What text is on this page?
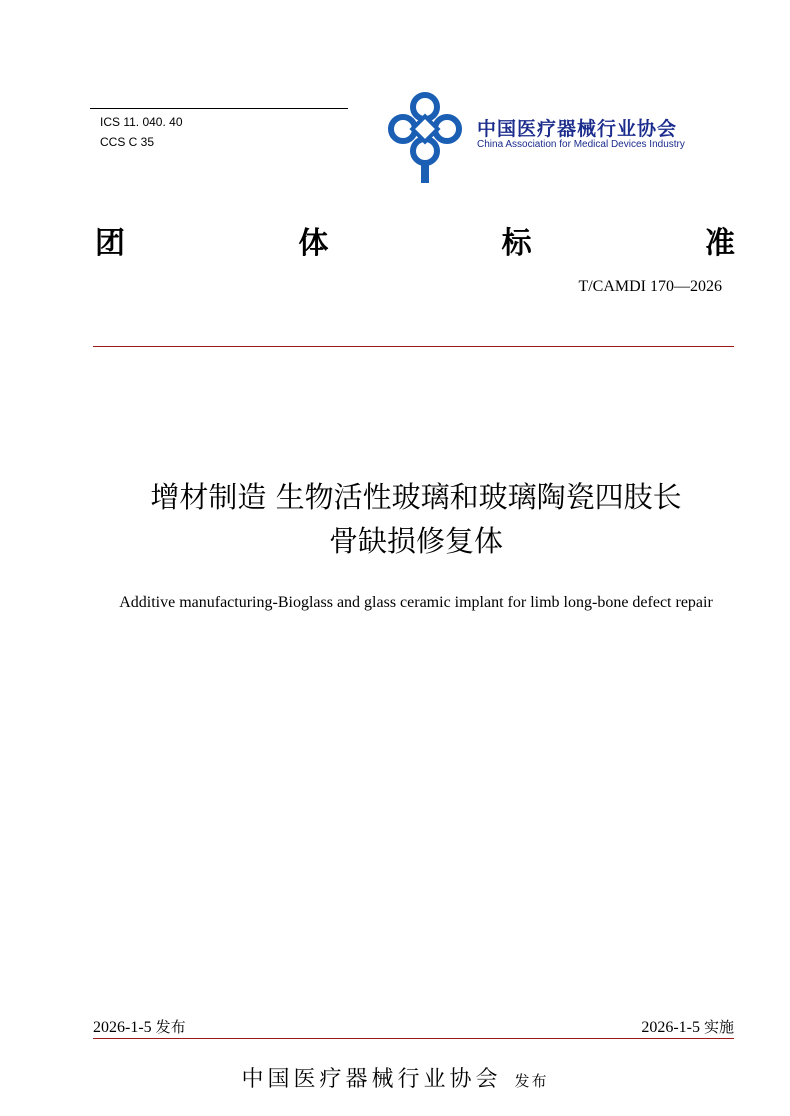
ICS 11. 040. 40
CCS C 35
中国医疗器械行业协会
China Association for Medical Devices Industry
团	体	标	准
T/CAMDI 170—2026
增材制造 生物活性玻璃和玻璃陶瓷四肢长
骨缺损修复体
Additive manufacturing-Bioglass and glass ceramic implant for limb long-bone defect repair
2026-1-5 发布	2026-1-5 实施
中国医疗器械行业协会 发布
